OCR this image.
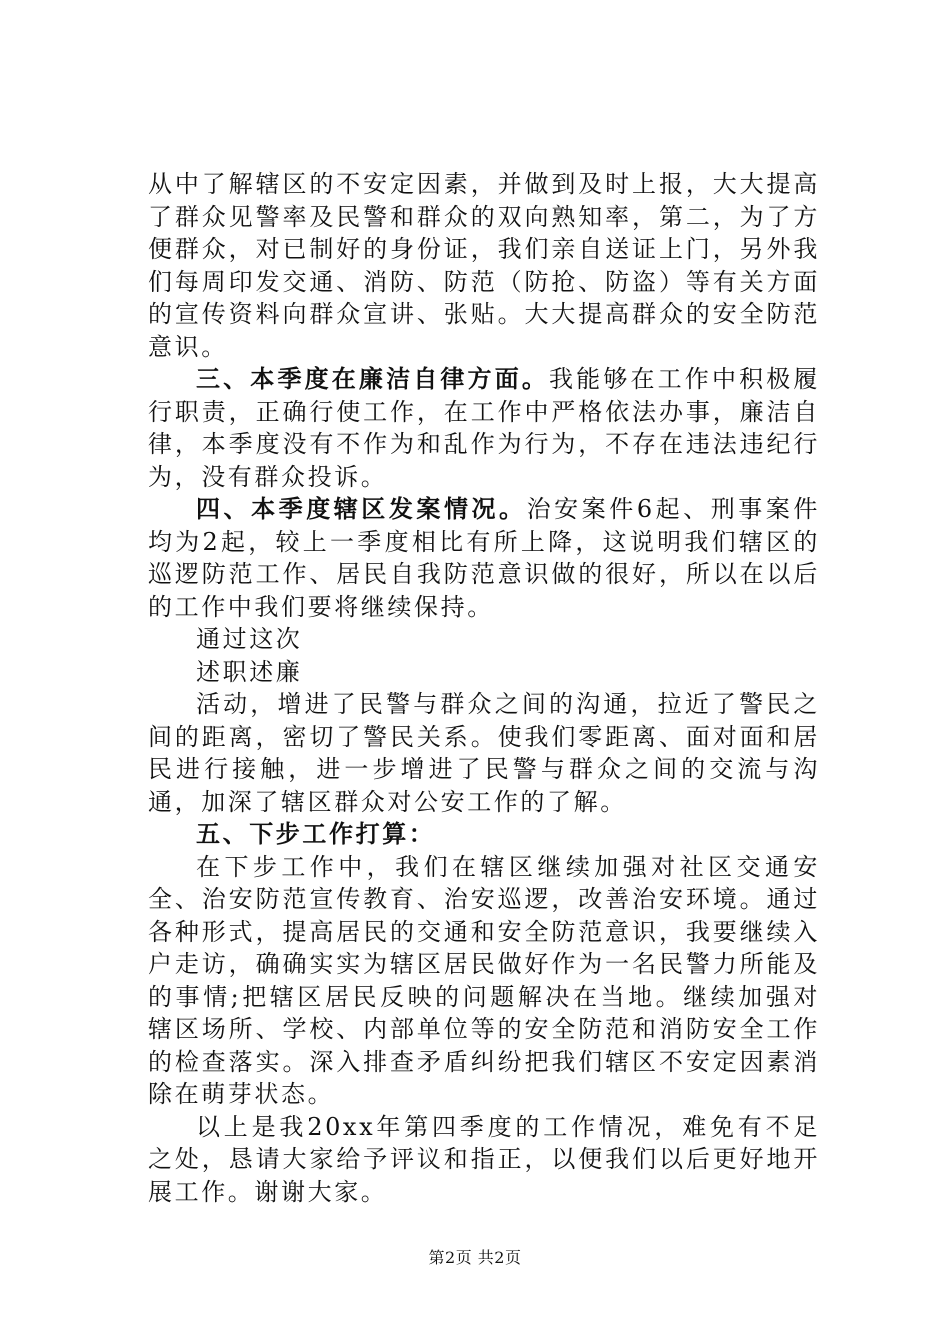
从中了解辖区的不安定因素，并做到及时上报，大大提高了群众见警率及民警和群众的双向熟知率，第二，为了方便群众，对已制好的身份证，我们亲自送证上门，另外我们每周印发交通、消防、防范（防抢、防盗）等有关方面的宣传资料向群众宣讲、张贴。大大提高群众的安全防范意识。

三、本季度在廉洁自律方面。我能够在工作中积极履行职责，正确行使工作，在工作中严格依法办事，廉洁自律，本季度没有不作为和乱作为行为，不存在违法违纪行为，没有群众投诉。

四、本季度辖区发案情况。治安案件6起、刑事案件均为2起，较上一季度相比有所上降，这说明我们辖区的巡逻防范工作、居民自我防范意识做的很好，所以在以后的工作中我们要将继续保持。

通过这次

述职述廉

活动，增进了民警与群众之间的沟通，拉近了警民之间的距离，密切了警民关系。使我们零距离、面对面和居民进行接触，进一步增进了民警与群众之间的交流与沟通，加深了辖区群众对公安工作的了解。

五、下步工作打算：

在下步工作中，我们在辖区继续加强对社区交通安全、治安防范宣传教育、治安巡逻，改善治安环境。通过各种形式，提高居民的交通和安全防范意识，我要继续入户走访，确确实实为辖区居民做好作为一名民警力所能及的事情;把辖区居民反映的问题解决在当地。继续加强对辖区场所、学校、内部单位等的安全防范和消防安全工作的检查落实。深入排查矛盾纠纷把我们辖区不安定因素消除在萌芽状态。

以上是我20xx年第四季度的工作情况，难免有不足之处，恳请大家给予评议和指正，以便我们以后更好地开展工作。谢谢大家。

第2页 共2页
